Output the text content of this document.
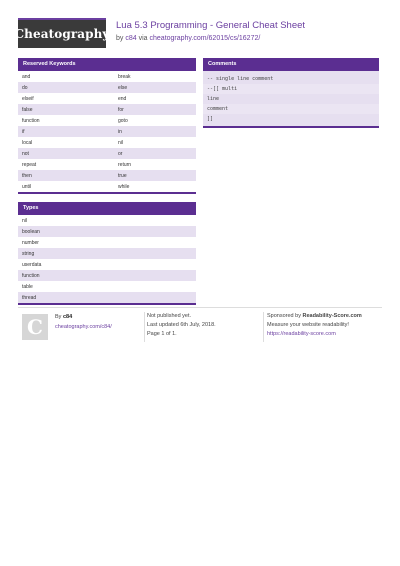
Cheatography
Lua 5.3 Programming - General Cheat Sheet
by c84 via cheatography.com/62015/cs/16272/
Reserved Keywords
and	break
do	else
elseif	end
false	for
function	goto
if	in
local	nil
not	or
repeat	return
then	true
until	while
Types
nil
boolean
number
string
userdata
function
table
thread
Comments
-- single line comment
--[[ multi
line
comment
]]
C	By c84
cheatography.com/c84/
Not published yet.
Last updated 6th July, 2018.
Page 1 of 1.
Sponsored by Readability-Score.com
Measure your website readability!
https://readability-score.com
